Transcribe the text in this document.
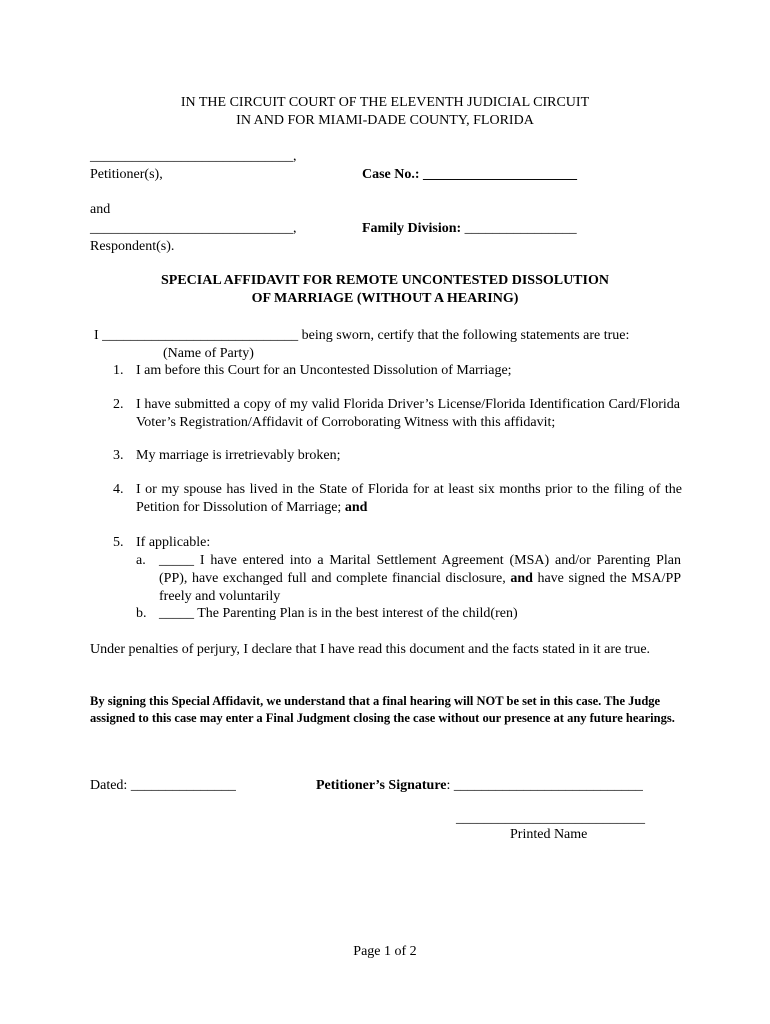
IN THE CIRCUIT COURT OF THE ELEVENTH JUDICIAL CIRCUIT
IN AND FOR MIAMI-DADE COUNTY, FLORIDA
_____________________________,
Petitioner(s),	Case No.: ______________________
and
_____________________________,	Family Division: ________________
Respondent(s).
SPECIAL AFFIDAVIT FOR REMOTE UNCONTESTED DISSOLUTION
OF MARRIAGE (WITHOUT A HEARING)
I ____________________________ being sworn, certify that the following statements are true:
(Name of Party)
1. I am before this Court for an Uncontested Dissolution of Marriage;
2. I have submitted a copy of my valid Florida Driver’s License/Florida Identification Card/Florida Voter’s Registration/Affidavit of Corroborating Witness with this affidavit;
3. My marriage is irretrievably broken;
4. I or my spouse has lived in the State of Florida for at least six months prior to the filing of the Petition for Dissolution of Marriage; and
5. If applicable:
a. _____ I have entered into a Marital Settlement Agreement (MSA) and/or Parenting Plan (PP), have exchanged full and complete financial disclosure, and have signed the MSA/PP freely and voluntarily
b. _____ The Parenting Plan is in the best interest of the child(ren)
Under penalties of perjury, I declare that I have read this document and the facts stated in it are true.
By signing this Special Affidavit, we understand that a final hearing will NOT be set in this case. The Judge assigned to this case may enter a Final Judgment closing the case without our presence at any future hearings.
Dated: _______________	Petitioner’s Signature: ___________________________
___________________________
Printed Name
Page 1 of 2
